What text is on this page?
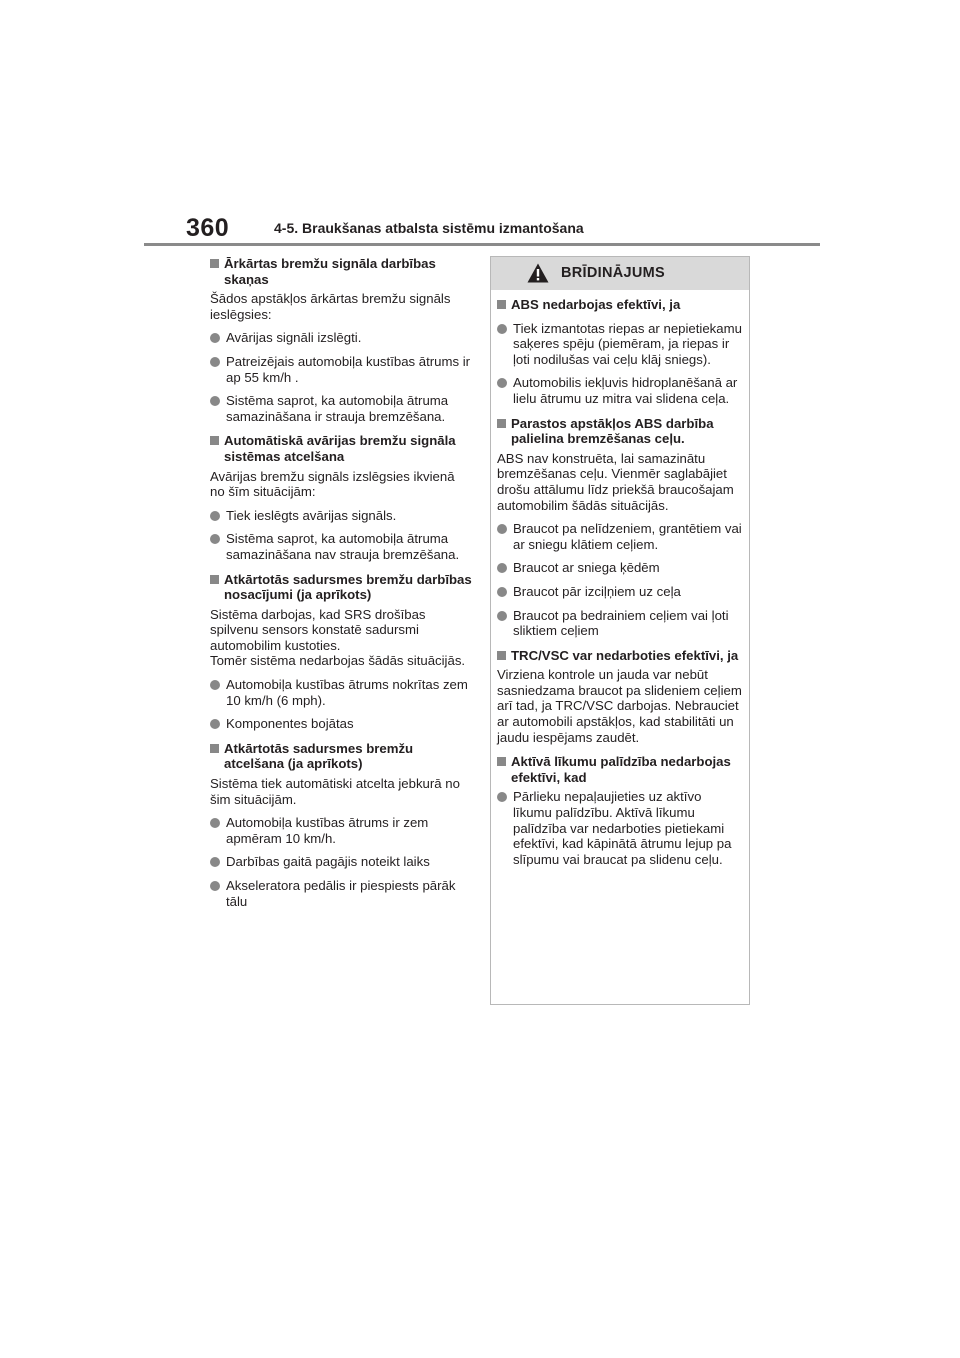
360	4-5. Braukšanas atbalsta sistēmu izmantošana
Ārkārtas bremžu signāla darbības skaņas
Šādos apstākļos ārkārtas bremžu signāls ieslēgsies:
Avārijas signāli izslēgti.
Patreizējais automobiļa kustības ātrums ir ap 55 km/h .
Sistēma saprot, ka automobiļa ātruma samazināšana ir strauja bremzēšana.
Automātiskā avārijas bremžu signāla sistēmas atcelšana
Avārijas bremžu signāls izslēgsies ikvienā no šīm situācijām:
Tiek ieslēgts avārijas signāls.
Sistēma saprot, ka automobiļa ātruma samazināšana nav strauja bremzēšana.
Atkārtotās sadursmes bremžu darbības nosacījumi (ja aprīkots)
Sistēma darbojas, kad SRS drošības spilvenu sensors konstatē sadursmi automobilim kustoties.
Tomēr sistēma nedarbojas šādās situācijās.
Automobiļa kustības ātrums nokrītas zem 10 km/h (6 mph).
Komponentes bojātas
Atkārtotās sadursmes bremžu atcelšana (ja aprīkots)
Sistēma tiek automātiski atcelta jebkurā no šim situācijām.
Automobiļa kustības ātrums ir zem apmēram 10 km/h.
Darbības gaitā pagājis noteikt laiks
Akseleratora pedālis ir piespiests pārāk tālu
BRĪDINĀJUMS
ABS nedarbojas efektīvi, ja
Tiek izmantotas riepas ar nepietiekamu saķeres spēju (piemēram, ja riepas ir ļoti nodilušas vai ceļu klāj sniegs).
Automobilis iekļuvis hidroplanēšanā ar lielu ātrumu uz mitra vai slidena ceļa.
Parastos apstākļos ABS darbība palielina bremzēšanas ceļu.
ABS nav konstruēta, lai samazinātu bremzēšanas ceļu. Vienmēr saglabājiet drošu attālumu līdz priekšā braucošajam automobilim šādās situācijās.
Braucot pa nelīdzeniem, grantētiem vai ar sniegu klātiem ceļiem.
Braucot ar sniega ķēdēm
Braucot pār izciļņiem uz ceļa
Braucot pa bedrainiem ceļiem vai ļoti sliktiem ceļiem
TRC/VSC var nedarboties efektīvi, ja
Virziena kontrole un jauda var nebūt sasniedzama braucot pa slideniem ceļiem arī tad, ja TRC/VSC darbojas. Nebrauciet ar automobili apstākļos, kad stabilitāti un jaudu iespējams zaudēt.
Aktīvā līkumu palīdzība nedarbojas efektīvi, kad
Pārlieku nepaļaujieties uz aktīvo līkumu palīdzību. Aktīvā līkumu palīdzība var nedarboties pietiekami efektīvi, kad kāpinātā ātrumu lejup pa slīpumu vai braucat pa slidenu ceļu.
